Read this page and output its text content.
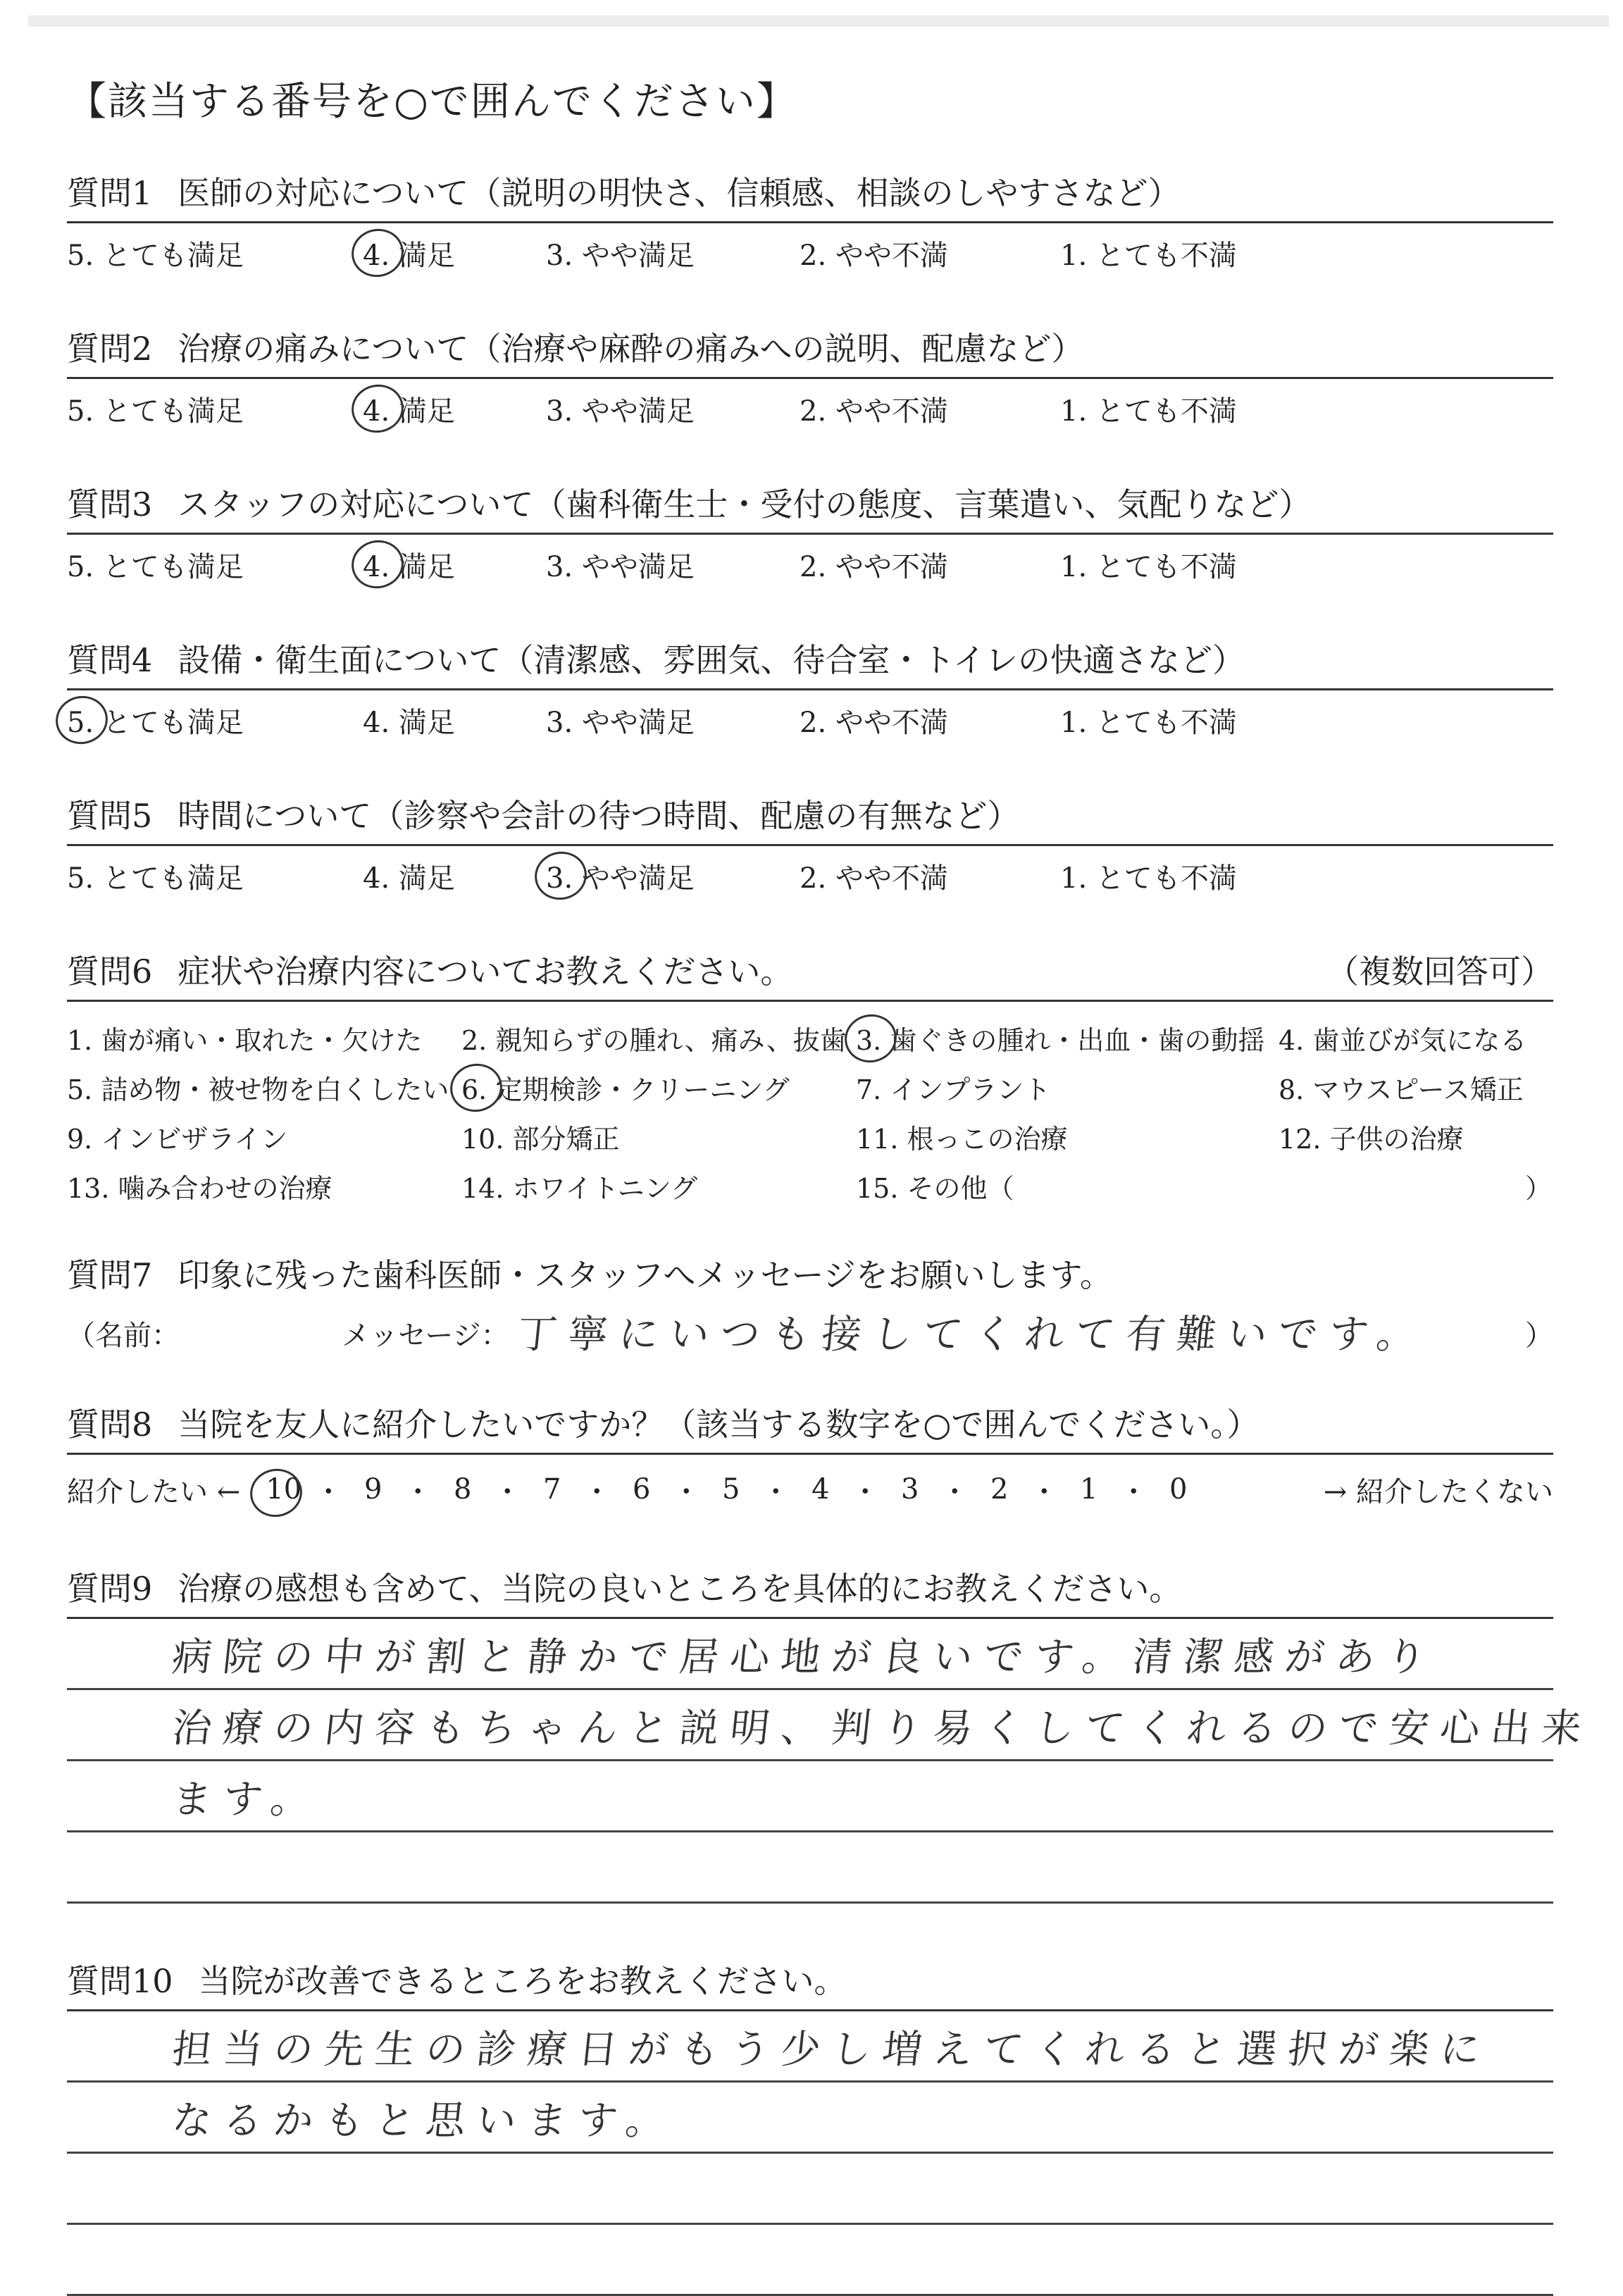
【該当する番号を○で囲んでください】
質問1 医師の対応について（説明の明快さ、信頼感、相談のしやすさなど）
5. とても満足	4. 満足	3. やや満足	2. やや不満	1. とても不満
質問2 治療の痛みについて（治療や麻酔の痛みへの説明、配慮など）
5. とても満足	4. 満足	3. やや満足	2. やや不満	1. とても不満
質問3 スタッフの対応について（歯科衛生士・受付の態度、言葉遣い、気配りなど）
5. とても満足	4. 満足	3. やや満足	2. やや不満	1. とても不満
質問4 設備・衛生面について（清潔感、雰囲気、待合室・トイレの快適さなど）
5. とても満足	4. 満足	3. やや満足	2. やや不満	1. とても不満
質問5 時間について（診察や会計の待つ時間、配慮の有無など）
5. とても満足	4. 満足	3. やや満足	2. やや不満	1. とても不満
質問6 症状や治療内容についてお教えください。	（複数回答可）
1. 歯が痛い・取れた・欠けた 2. 親知らずの腫れ、痛み、抜歯 3. 歯ぐきの腫れ・出血・歯の動揺 4. 歯並びが気になる
5. 詰め物・被せ物を白くしたい 6. 定期検診・クリーニング 7. インプラント	8. マウスピース矯正
9. インビザライン	10. 部分矯正	11. 根っこの治療	12. 子供の治療
13. 噛み合わせの治療	14. ホワイトニング	15. その他（	）
質問7 印象に残った歯科医師・スタッフへメッセージをお願いします。
（名前：	メッセージ： 丁寧にいつも接してくれて有難いです。	）
質問8 当院を友人に紹介したいですか？（該当する数字を○で囲んでください。）
紹介したい ← 10 ・ 9 ・ 8 ・ 7 ・ 6 ・ 5 ・ 4 ・ 3 ・ 2 ・ 1 ・ 0	→ 紹介したくない
質問9 治療の感想も含めて、当院の良いところを具体的にお教えください。
病院の中が割と静かで居心地が良いです。清潔感があり
治療の内容もちゃんと説明、判り易くしてくれるので安心出来
ます。
質問10 当院が改善できるところをお教えください。
担当の先生の診療日がもう少し増えてくれると選択が楽に
なるかもと思います。
